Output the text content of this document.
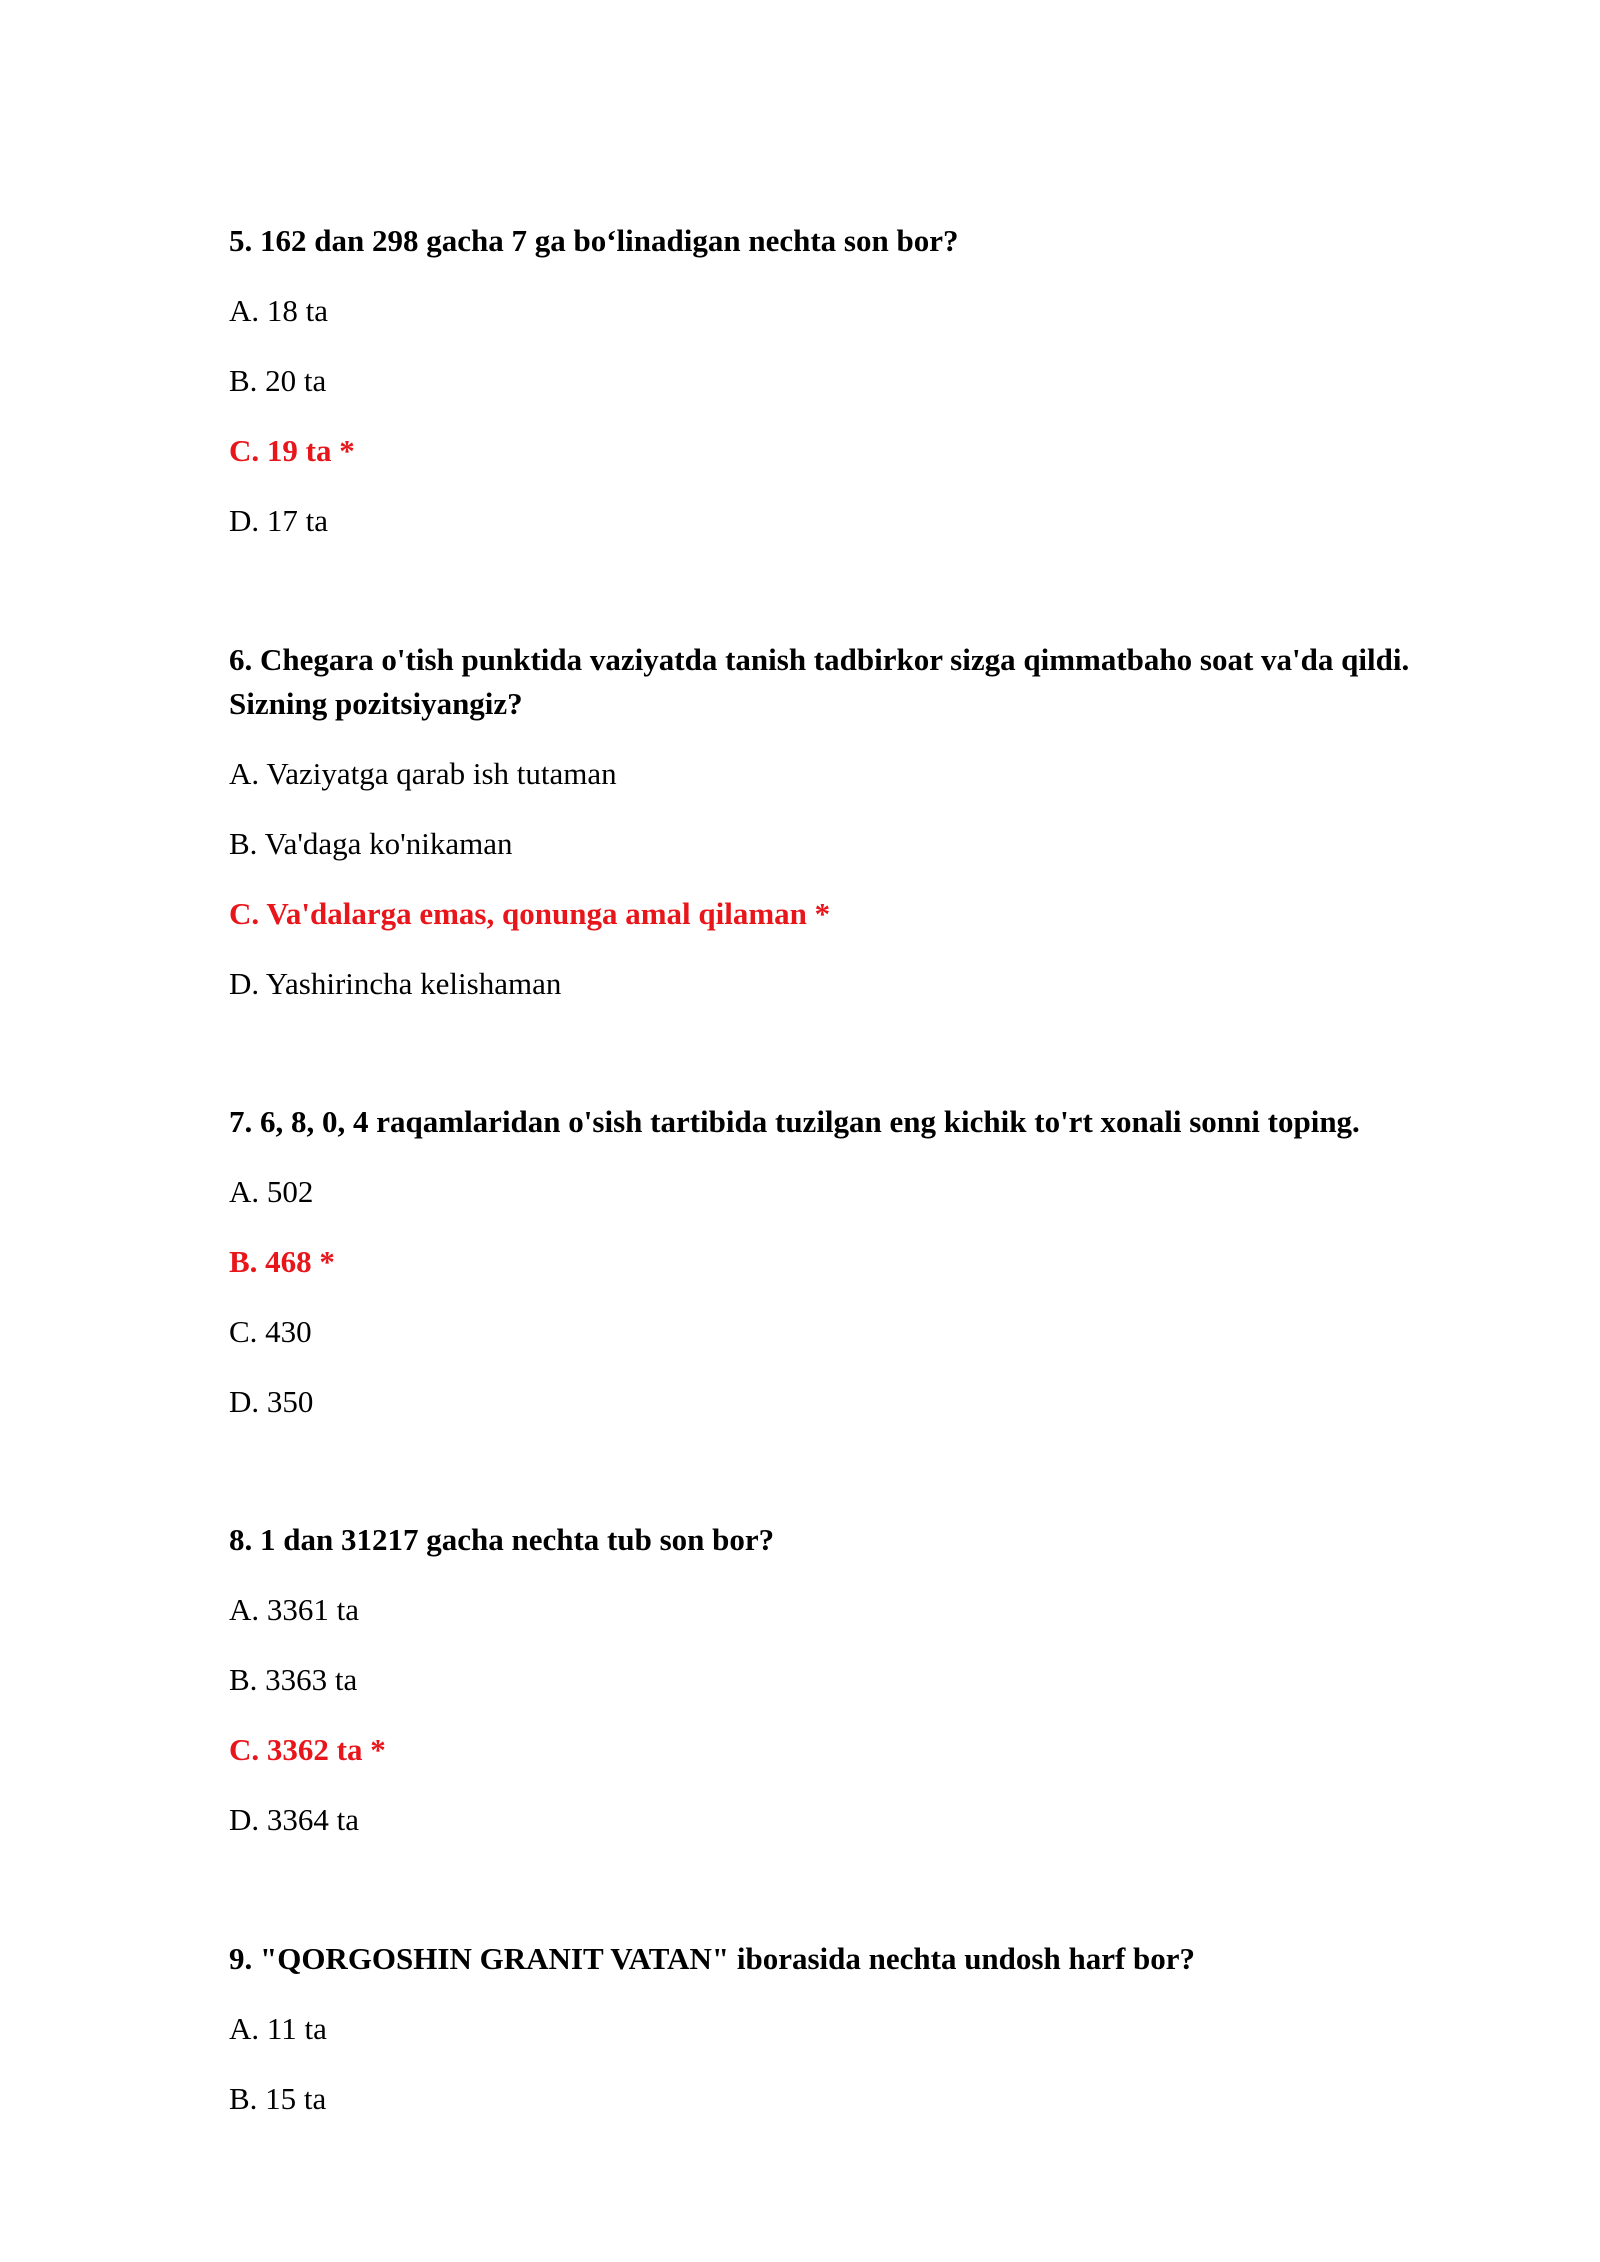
5. 162 dan 298 gacha 7 ga bo‘linadigan nechta son bor?
A. 18 ta
B. 20 ta
C. 19 ta *
D. 17 ta
6. Chegara o'tish punktida vaziyatda tanish tadbirkor sizga qimmatbaho soat va'da qildi. Sizning pozitsiyangiz?
A. Vaziyatga qarab ish tutaman
B. Va'daga ko'nikaman
C. Va'dalarga emas, qonunga amal qilaman *
D. Yashirincha kelishaman
7. 6, 8, 0, 4 raqamlaridan o'sish tartibida tuzilgan eng kichik to'rt xonali sonni toping.
A. 502
B. 468 *
C. 430
D. 350
8. 1 dan 31217 gacha nechta tub son bor?
A. 3361 ta
B. 3363 ta
C. 3362 ta *
D. 3364 ta
9. "QORGOSHIN GRANIT VATAN" iborasida nechta undosh harf bor?
A. 11 ta
B. 15 ta
